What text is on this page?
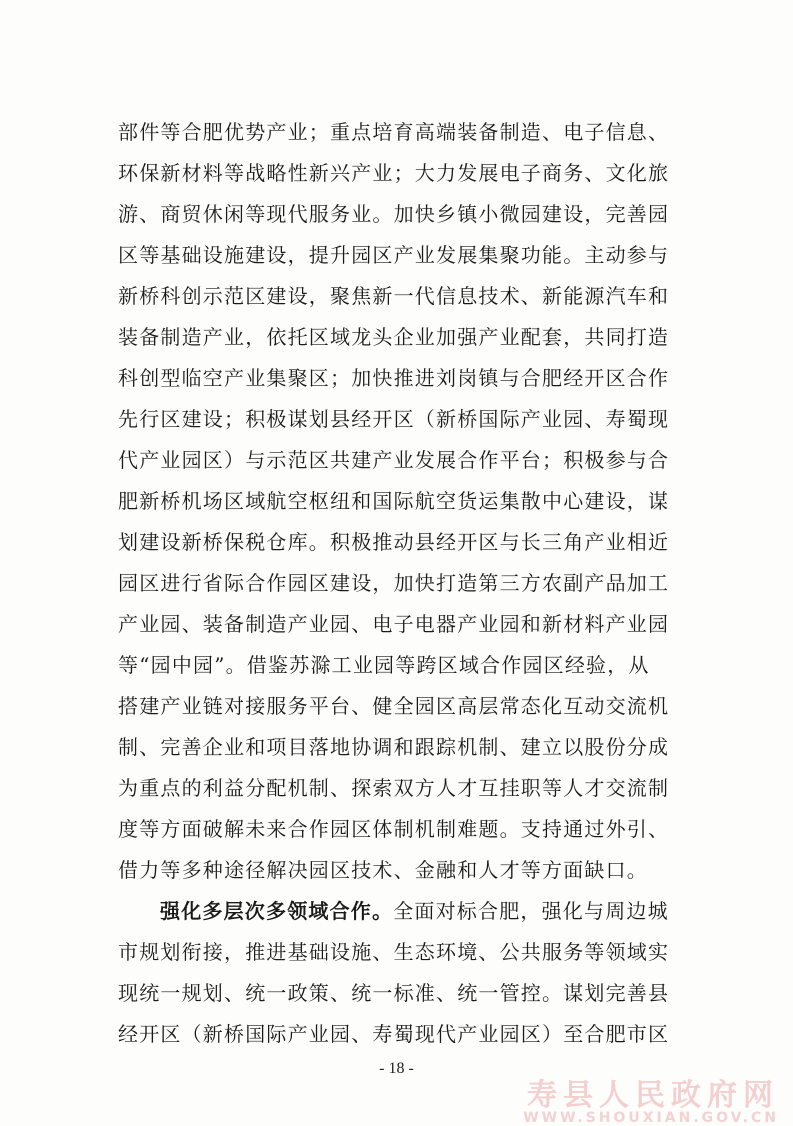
部件等合肥优势产业；重点培育高端装备制造、电子信息、
环保新材料等战略性新兴产业；大力发展电子商务、文化旅
游、商贸休闲等现代服务业。加快乡镇小微园建设，完善园
区等基础设施建设，提升园区产业发展集聚功能。主动参与
新桥科创示范区建设，聚焦新一代信息技术、新能源汽车和
装备制造产业，依托区域龙头企业加强产业配套，共同打造
科创型临空产业集聚区；加快推进刘岗镇与合肥经开区合作
先行区建设；积极谋划县经开区（新桥国际产业园、寿蜀现
代产业园区）与示范区共建产业发展合作平台；积极参与合
肥新桥机场区域航空枢纽和国际航空货运集散中心建设，谋
划建设新桥保税仓库。积极推动县经开区与长三角产业相近
园区进行省际合作园区建设，加快打造第三方农副产品加工
产业园、装备制造产业园、电子电器产业园和新材料产业园
等“园中园”。借鉴苏滁工业园等跨区域合作园区经验，从
搭建产业链对接服务平台、健全园区高层常态化互动交流机
制、完善企业和项目落地协调和跟踪机制、建立以股份分成
为重点的利益分配机制、探索双方人才互挂职等人才交流制
度等方面破解未来合作园区体制机制难题。支持通过外引、
借力等多种途径解决园区技术、金融和人才等方面缺口。
强化多层次多领域合作。全面对标合肥，强化与周边城
市规划衔接，推进基础设施、生态环境、公共服务等领域实
现统一规划、统一政策、统一标准、统一管控。谋划完善县
经开区（新桥国际产业园、寿蜀现代产业园区）至合肥市区
- 18 -
寿县人民政府网
WWW.SHOUXIAN.GOV.CN
